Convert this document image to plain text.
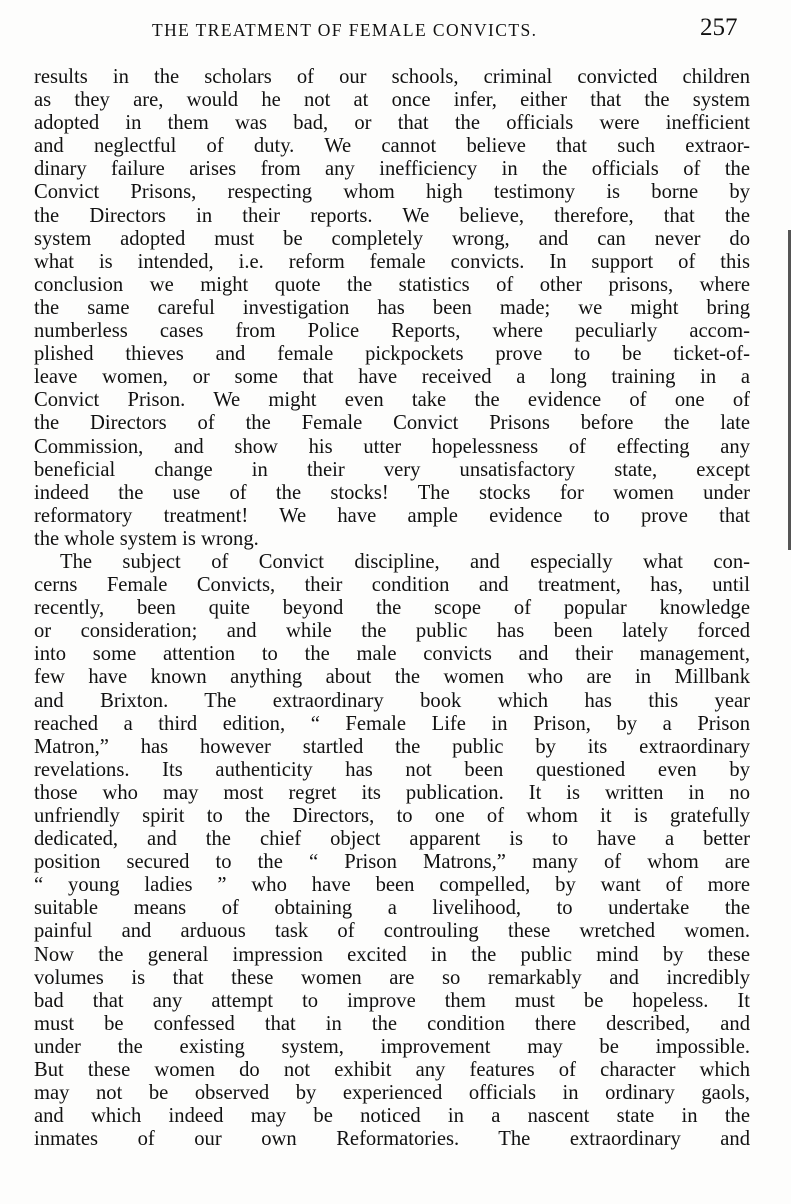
THE TREATMENT OF FEMALE CONVICTS.	257
results in the scholars of our schools, criminal convicted children
as they are, would he not at once infer, either that the system
adopted in them was bad, or that the officials were inefficient
and neglectful of duty. We cannot believe that such extraor-
dinary failure arises from any inefficiency in the officials of the
Convict Prisons, respecting whom high testimony is borne by
the Directors in their reports. We believe, therefore, that the
system adopted must be completely wrong, and can never do
what is intended, i.e. reform female convicts. In support of this
conclusion we might quote the statistics of other prisons, where
the same careful investigation has been made; we might bring
numberless cases from Police Reports, where peculiarly accom-
plished thieves and female pickpockets prove to be ticket-of-
leave women, or some that have received a long training in a
Convict Prison. We might even take the evidence of one of
the Directors of the Female Convict Prisons before the late
Commission, and show his utter hopelessness of effecting any
beneficial change in their very unsatisfactory state, except
indeed the use of the stocks! The stocks for women under
reformatory treatment! We have ample evidence to prove that
the whole system is wrong.
The subject of Convict discipline, and especially what con-
cerns Female Convicts, their condition and treatment, has, until
recently, been quite beyond the scope of popular knowledge
or consideration; and while the public has been lately forced
into some attention to the male convicts and their management,
few have known anything about the women who are in Millbank
and Brixton. The extraordinary book which has this year
reached a third edition, “ Female Life in Prison, by a Prison
Matron,” has however startled the public by its extraordinary
revelations. Its authenticity has not been questioned even by
those who may most regret its publication. It is written in no
unfriendly spirit to the Directors, to one of whom it is gratefully
dedicated, and the chief object apparent is to have a better
position secured to the “ Prison Matrons,” many of whom are
“ young ladies ” who have been compelled, by want of more
suitable means of obtaining a livelihood, to undertake the
painful and arduous task of controuling these wretched women.
Now the general impression excited in the public mind by these
volumes is that these women are so remarkably and incredibly
bad that any attempt to improve them must be hopeless. It
must be confessed that in the condition there described, and
under the existing system, improvement may be impossible.
But these women do not exhibit any features of character which
may not be observed by experienced officials in ordinary gaols,
and which indeed may be noticed in a nascent state in the
inmates of our own Reformatories. The extraordinary and
